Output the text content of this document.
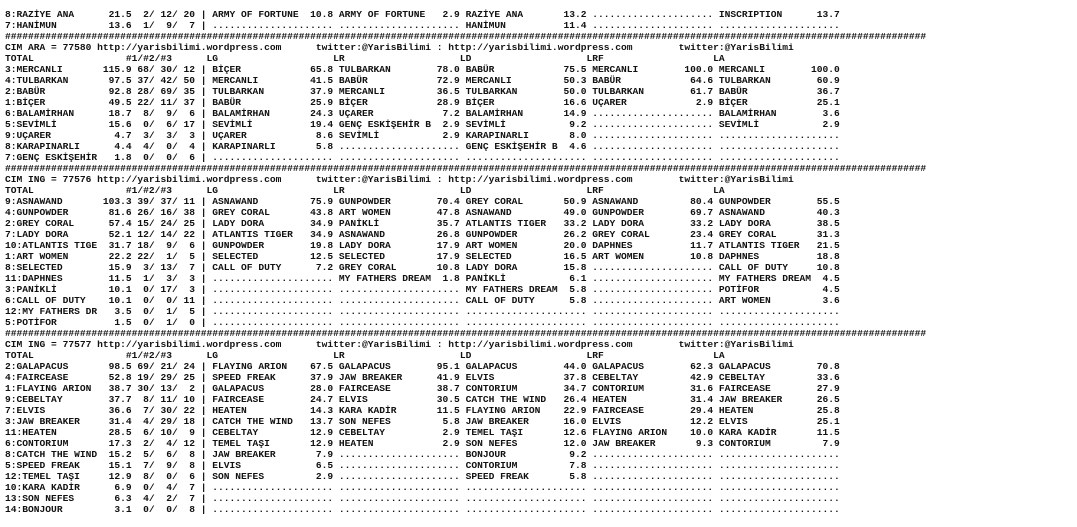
8:RAZİYE ANA      21.5  2/ 12/ 20 | ARMY OF FORTUNE  10.8 ARMY OF FORTUNE   2.9 RAZİYE ANA       13.2 ..................... INSCRIPTION      13.7
7:HANİMUN         13.6  1/  9/  7 | ..................... ..................... HANİMUN          11.4 ..................... .....................
################################################################################################################################################################
CIM ARA = 77580 http://yarisbilimi.wordpress.com      twitter:@YarisBilimi : http://yarisbilimi.wordpress.com        twitter:@YarisBilimi
TOTAL                #1/#2/#3      LG                    LR                    LD                    LRF                   LA
3:MERCANLI       115.9 68/ 30/ 12 | BİÇER            65.8 TULBARKAN        78.0 BABÜR            75.5 MERCANLI        100.0 MERCANLI        100.0
4:TULBARKAN       97.5 37/ 42/ 50 | MERCANLI         41.5 BABÜR            72.9 MERCANLI         50.3 BABÜR            64.6 TULBARKAN        60.9
2:BABÜR           92.8 28/ 69/ 35 | TULBARKAN        37.9 MERCANLI         36.5 TULBARKAN        50.0 TULBARKAN        61.7 BABÜR            36.7
1:BİÇER           49.5 22/ 11/ 37 | BABÜR            25.9 BİÇER            28.9 BİÇER            16.6 UÇARER            2.9 BİÇER            25.1
6:BALAMİRHAN      18.7  8/  9/  6 | BALAMİRHAN       24.3 UÇARER            7.2 BALAMİRHAN       14.9 ..................... BALAMİRHAN        3.6
5:SEVİMLİ         15.6  0/  6/ 17 | SEVİMLİ          19.4 GENÇ ESKİŞEHİR B  2.9 SEVİMLİ           9.2 ..................... SEVİMLİ           2.9
9:UÇARER           4.7  3/  3/  3 | UÇARER            8.6 SEVİMLİ           2.9 KARAPINARLI       8.0 ..................... .....................
8:KARAPINARLI      4.4  4/  0/  4 | KARAPINARLI       5.8 ..................... GENÇ ESKİŞEHİR B  4.6 ..................... .....................
7:GENÇ ESKİŞEHİR   1.8  0/  0/  6 | ..................... ..................... ..................... ..................... .....................
################################################################################################################################################################
CIM ING = 77576 http://yarisbilimi.wordpress.com      twitter:@YarisBilimi : http://yarisbilimi.wordpress.com        twitter:@YarisBilimi
TOTAL                #1/#2/#3      LG                    LR                    LD                    LRF                   LA
9:ASNAWAND       103.3 39/ 37/ 11 | ASNAWAND         75.9 GUNPOWDER        70.4 GREY CORAL       50.9 ASNAWAND         80.4 GUNPOWDER        55.5
4:GUNPOWDER       81.6 26/ 16/ 38 | GREY CORAL       43.8 ART WOMEN        47.8 ASNAWAND         49.0 GUNPOWDER        69.7 ASNAWAND         40.3
2:GREY CORAL      57.4 15/ 24/ 25 | LADY DORA        34.9 PANİKLİ          35.7 ATLANTIS TIGER   33.2 LADY DORA        33.2 LADY DORA        38.5
7:LADY DORA       52.1 12/ 14/ 22 | ATLANTIS TIGER   34.9 ASNAWAND         26.8 GUNPOWDER        26.2 GREY CORAL       23.4 GREY CORAL       31.3
10:ATLANTIS TIGE  31.7 18/  9/  6 | GUNPOWDER        19.8 LADY DORA        17.9 ART WOMEN        20.0 DAPHNES          11.7 ATLANTIS TIGER   21.5
1:ART WOMEN       22.2 22/  1/  5 | SELECTED         12.5 SELECTED         17.9 SELECTED         16.5 ART WOMEN        10.8 DAPHNES          18.8
8:SELECTED        15.9  3/ 13/  7 | CALL OF DUTY      7.2 GREY CORAL       10.8 LADY DORA        15.8 ..................... CALL OF DUTY     10.8
11:DAPHNES        11.5  1/  3/  3 | ..................... MY FATHERS DREAM  1.8 PANİKLİ           6.1 ..................... MY FATHERS DREAM  4.5
3:PANİKLİ         10.1  0/ 17/  3 | ..................... ..................... MY FATHERS DREAM  5.8 ..................... POTİFOR           4.5
6:CALL OF DUTY    10.1  0/  0/ 11 | ..................... ..................... CALL OF DUTY      5.8 ..................... ART WOMEN         3.6
12:MY FATHERS DR   3.5  0/  1/  5 | ..................... ..................... ..................... ..................... .....................
5:POTİFOR          1.5  0/  1/  0 | ..................... ..................... ..................... ..................... .....................
################################################################################################################################################################
CIM ING = 77577 http://yarisbilimi.wordpress.com      twitter:@YarisBilimi : http://yarisbilimi.wordpress.com        twitter:@YarisBilimi
TOTAL                #1/#2/#3      LG                    LR                    LD                    LRF                   LA
2:GALAPACUS       98.5 69/ 21/ 24 | FLAYING ARION    67.5 GALAPACUS        95.1 GALAPACUS        44.0 GALAPACUS        62.3 GALAPACUS        70.8
4:FAIRCEASE       52.8 19/ 29/ 25 | SPEED FREAK      37.9 JAW BREAKER      41.9 ELVIS            37.8 CEBELTAY         42.9 CEBELTAY         33.6
1:FLAYING ARION   38.7 30/ 13/  2 | GALAPACUS        28.0 FAIRCEASE        38.7 CONTORIUM        34.7 CONTORIUM        31.6 FAIRCEASE        27.9
9:CEBELTAY        37.7  8/ 11/ 10 | FAIRCEASE        24.7 ELVIS            30.5 CATCH THE WIND   26.4 HEATEN           31.4 JAW BREAKER      26.5
7:ELVIS           36.6  7/ 30/ 22 | HEATEN           14.3 KARA KADİR       11.5 FLAYING ARION    22.9 FAIRCEASE        29.4 HEATEN           25.8
3:JAW BREAKER     31.4  4/ 29/ 18 | CATCH THE WIND   13.7 SON NEFES         5.8 JAW BREAKER      16.0 ELVIS            12.2 ELVIS            25.1
11:HEATEN         28.5  6/ 10/  9 | CEBELTAY         12.9 CEBELTAY          2.9 TEMEL TAŞI       12.6 FLAYING ARION    10.0 KARA KADİR       11.5
6:CONTORIUM       17.3  2/  4/ 12 | TEMEL TAŞI       12.9 HEATEN            2.9 SON NEFES        12.0 JAW BREAKER       9.3 CONTORIUM         7.9
8:CATCH THE WIND  15.2  5/  6/  8 | JAW BREAKER       7.9 ..................... BONJOUR           9.2 ..................... .....................
5:SPEED FREAK     15.1  7/  9/  8 | ELVIS             6.5 ..................... CONTORIUM         7.8 ..................... .....................
12:TEMEL TAŞI     12.9  8/  0/  6 | SON NEFES         2.9 ..................... SPEED FREAK       5.8 ..................... .....................
10:KARA KADİR      6.9  0/  4/  7 | ..................... ..................... ..................... ..................... .....................
13:SON NEFES       6.3  4/  2/  7 | ..................... ..................... ..................... ..................... .....................
14:BONJOUR         3.1  0/  0/  8 | ..................... ..................... ..................... ..................... .....................
